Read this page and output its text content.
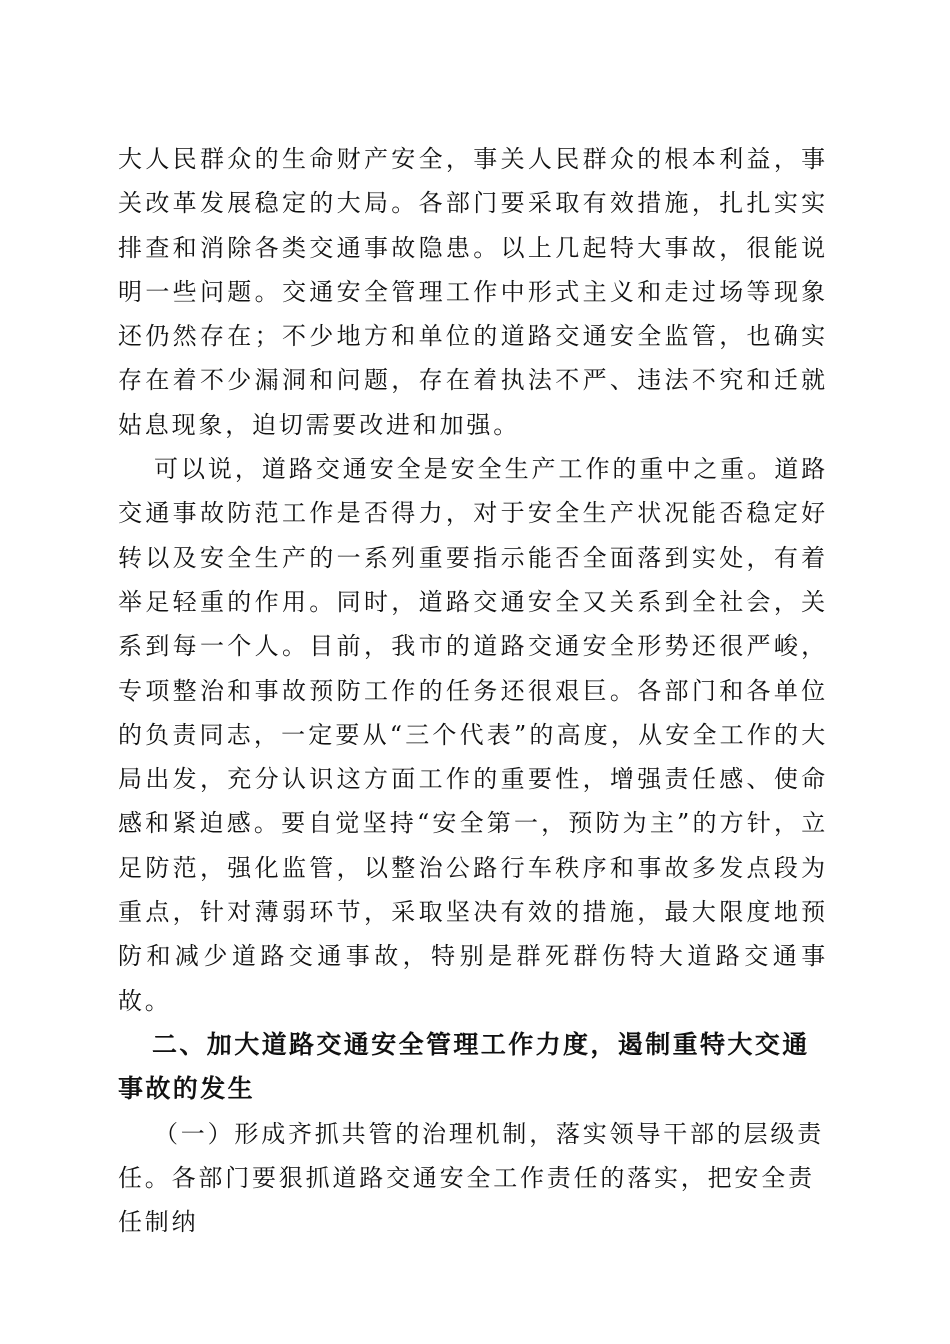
大人民群众的生命财产安全，事关人民群众的根本利益，事关改革发展稳定的大局。各部门要采取有效措施，扎扎实实排查和消除各类交通事故隐患。以上几起特大事故，很能说明一些问题。交通安全管理工作中形式主义和走过场等现象还仍然存在；不少地方和单位的道路交通安全监管，也确实存在着不少漏洞和问题，存在着执法不严、违法不究和迁就姑息现象，迫切需要改进和加强。

可以说，道路交通安全是安全生产工作的重中之重。道路交通事故防范工作是否得力，对于安全生产状况能否稳定好转以及安全生产的一系列重要指示能否全面落到实处，有着举足轻重的作用。同时，道路交通安全又关系到全社会，关系到每一个人。目前，我市的道路交通安全形势还很严峻，专项整治和事故预防工作的任务还很艰巨。各部门和各单位的负责同志，一定要从“三个代表”的高度，从安全工作的大局出发，充分认识这方面工作的重要性，增强责任感、使命感和紧迫感。要自觉坚持“安全第一，预防为主”的方针，立足防范，强化监管，以整治公路行车秩序和事故多发点段为重点，针对薄弱环节，采取坚决有效的措施，最大限度地预防和减少道路交通事故，特别是群死群伤特大道路交通事故。

二、加大道路交通安全管理工作力度，遏制重特大交通事故的发生

（一）形成齐抓共管的治理机制，落实领导干部的层级责任。各部门要狠抓道路交通安全工作责任的落实，把安全责任制纳
